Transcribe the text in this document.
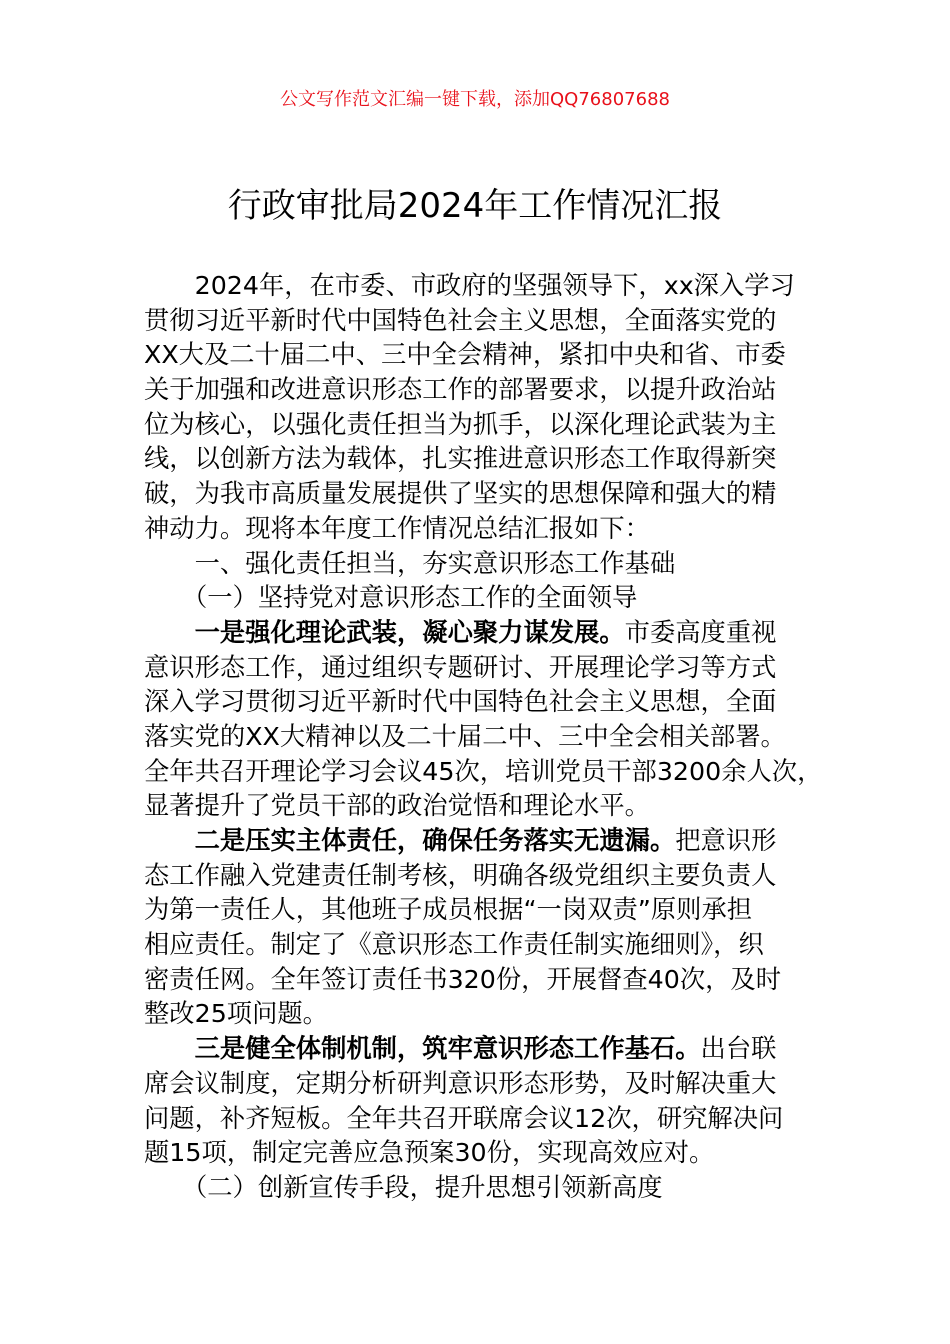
公文写作范文汇编一键下载，添加QQ76807688
行政审批局2024年工作情况汇报
　　2024年，在市委、市政府的坚强领导下，xx深入学习
贯彻习近平新时代中国特色社会主义思想，全面落实党的
XX大及二十届二中、三中全会精神，紧扣中央和省、市委
关于加强和改进意识形态工作的部署要求，以提升政治站
位为核心，以强化责任担当为抓手，以深化理论武装为主
线，以创新方法为载体，扎实推进意识形态工作取得新突
破，为我市高质量发展提供了坚实的思想保障和强大的精
神动力。现将本年度工作情况总结汇报如下：
　　一、强化责任担当，夯实意识形态工作基础
　　（一）坚持党对意识形态工作的全面领导
　　一是强化理论武装，凝心聚力谋发展。市委高度重视
意识形态工作，通过组织专题研讨、开展理论学习等方式
深入学习贯彻习近平新时代中国特色社会主义思想，全面
落实党的XX大精神以及二十届二中、三中全会相关部署。
全年共召开理论学习会议45次，培训党员干部3200余人次，
显著提升了党员干部的政治觉悟和理论水平。
　　二是压实主体责任，确保任务落实无遗漏。把意识形
态工作融入党建责任制考核，明确各级党组织主要负责人
为第一责任人，其他班子成员根据“一岗双责”原则承担
相应责任。制定了《意识形态工作责任制实施细则》，织
密责任网。全年签订责任书320份，开展督查40次，及时
整改25项问题。
　　三是健全体制机制，筑牢意识形态工作基石。出台联
席会议制度，定期分析研判意识形态形势，及时解决重大
问题，补齐短板。全年共召开联席会议12次，研究解决问
题15项，制定完善应急预案30份，实现高效应对。
　　（二）创新宣传手段，提升思想引领新高度
